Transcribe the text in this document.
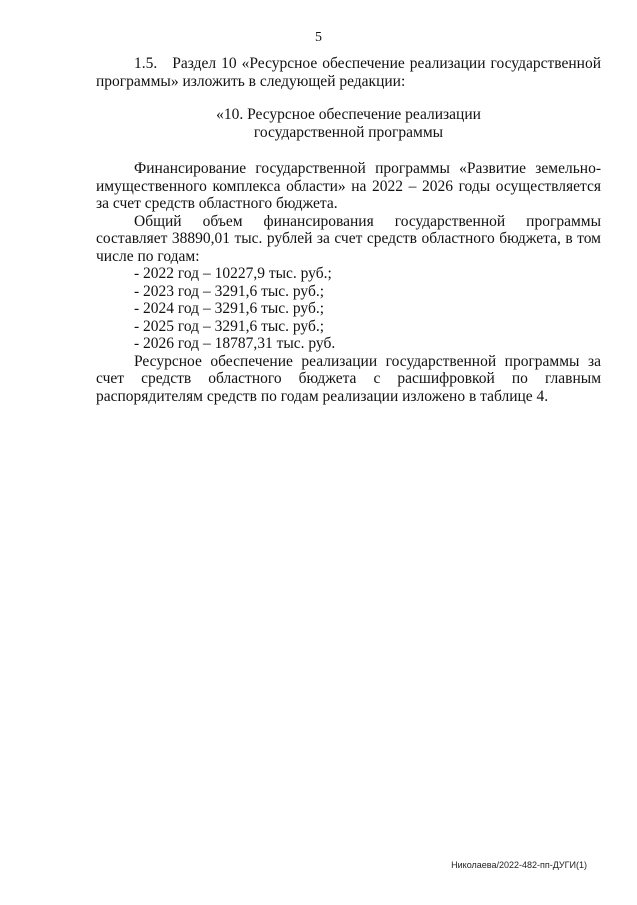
5

1.5.   Раздел 10 «Ресурсное обеспечение реализации государственной программы» изложить в следующей редакции:

«10. Ресурсное обеспечение реализации
государственной программы

Финансирование государственной программы «Развитие земельно-имущественного комплекса области» на 2022 – 2026 годы осуществляется за счет средств областного бюджета.

Общий объем финансирования государственной программы составляет 38890,01 тыс. рублей за счет средств областного бюджета, в том числе по годам:

- 2022 год – 10227,9 тыс. руб.;
- 2023 год – 3291,6 тыс. руб.;
- 2024 год – 3291,6 тыс. руб.;
- 2025 год – 3291,6 тыс. руб.;
- 2026 год – 18787,31 тыс. руб.

Ресурсное обеспечение реализации государственной программы за счет средств областного бюджета с расшифровкой по главным распорядителям средств по годам реализации изложено в таблице 4.

Николаева/2022-482-пп-ДУГИ(1)
